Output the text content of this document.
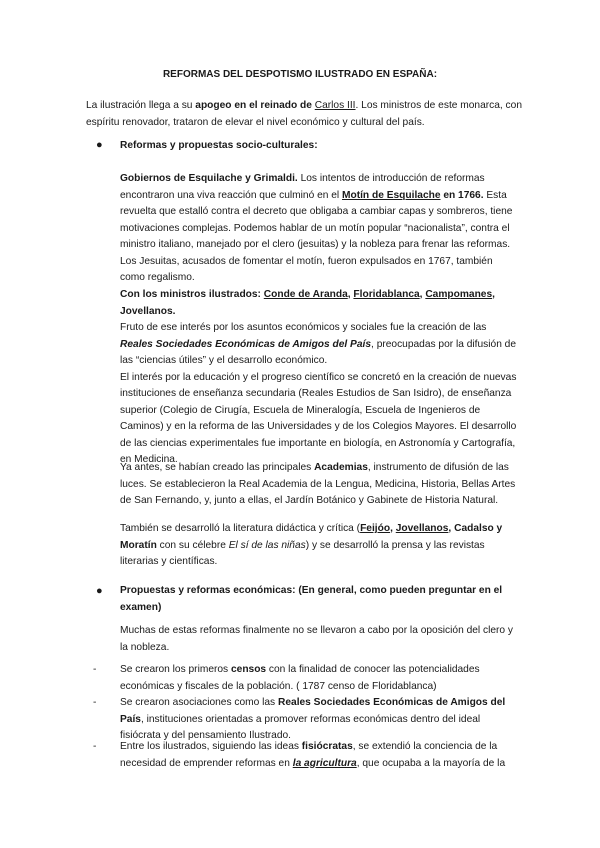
REFORMAS DEL DESPOTISMO ILUSTRADO EN ESPAÑA:

La ilustración llega a su apogeo en el reinado de Carlos III. Los ministros de este monarca, con espíritu renovador, trataron de elevar el nivel económico y cultural del país.

● Reformas y propuestas socio-culturales:

Gobiernos de Esquilache y Grimaldi. Los intentos de introducción de reformas encontraron una viva reacción que culminó en el Motín de Esquilache en 1766. Esta revuelta que estalló contra el decreto que obligaba a cambiar capas y sombreros, tiene motivaciones complejas. Podemos hablar de un motín popular “nacionalista”, contra el ministro italiano, manejado por el clero (jesuitas) y la nobleza para frenar las reformas. Los Jesuitas, acusados de fomentar el motín, fueron expulsados en 1767, también como regalismo.

Con los ministros ilustrados: Conde de Aranda, Floridablanca, Campomanes, Jovellanos.
Fruto de ese interés por los asuntos económicos y sociales fue la creación de las Reales Sociedades Económicas de Amigos del País, preocupadas por la difusión de las “ciencias útiles” y el desarrollo económico.
El interés por la educación y el progreso científico se concretó en la creación de nuevas instituciones de enseñanza secundaria (Reales Estudios de San Isidro), de enseñanza superior (Colegio de Cirugía, Escuela de Mineralogía, Escuela de Ingenieros de Caminos) y en la reforma de las Universidades y de los Colegios Mayores. El desarrollo de las ciencias experimentales fue importante en biología, en Astronomía y Cartografía, en Medicina.

Ya antes, se habían creado las principales Academias, instrumento de difusión de las luces. Se establecieron la Real Academia de la Lengua, Medicina, Historia, Bellas Artes de San Fernando, y, junto a ellas, el Jardín Botánico y Gabinete de Historia Natural.

También se desarrolló la literatura didáctica y crítica (Feijóo, Jovellanos, Cadalso y Moratín con su célebre El sí de las niñas) y se desarrolló la prensa y las revistas literarias y científicas.

● Propuestas y reformas económicas: (En general, como pueden preguntar en el examen)

Muchas de estas reformas finalmente no se llevaron a cabo por la oposición del clero y la nobleza.

- Se crearon los primeros censos con la finalidad de conocer las potencialidades económicas y fiscales de la población. ( 1787 censo de Floridablanca)

- Se crearon asociaciones como las Reales Sociedades Económicas de Amigos del País, instituciones orientadas a promover reformas económicas dentro del ideal fisiócrata y del pensamiento Ilustrado.

- Entre los ilustrados, siguiendo las ideas fisiócratas, se extendió la conciencia de la necesidad de emprender reformas en la agricultura, que ocupaba a la mayoría de la
